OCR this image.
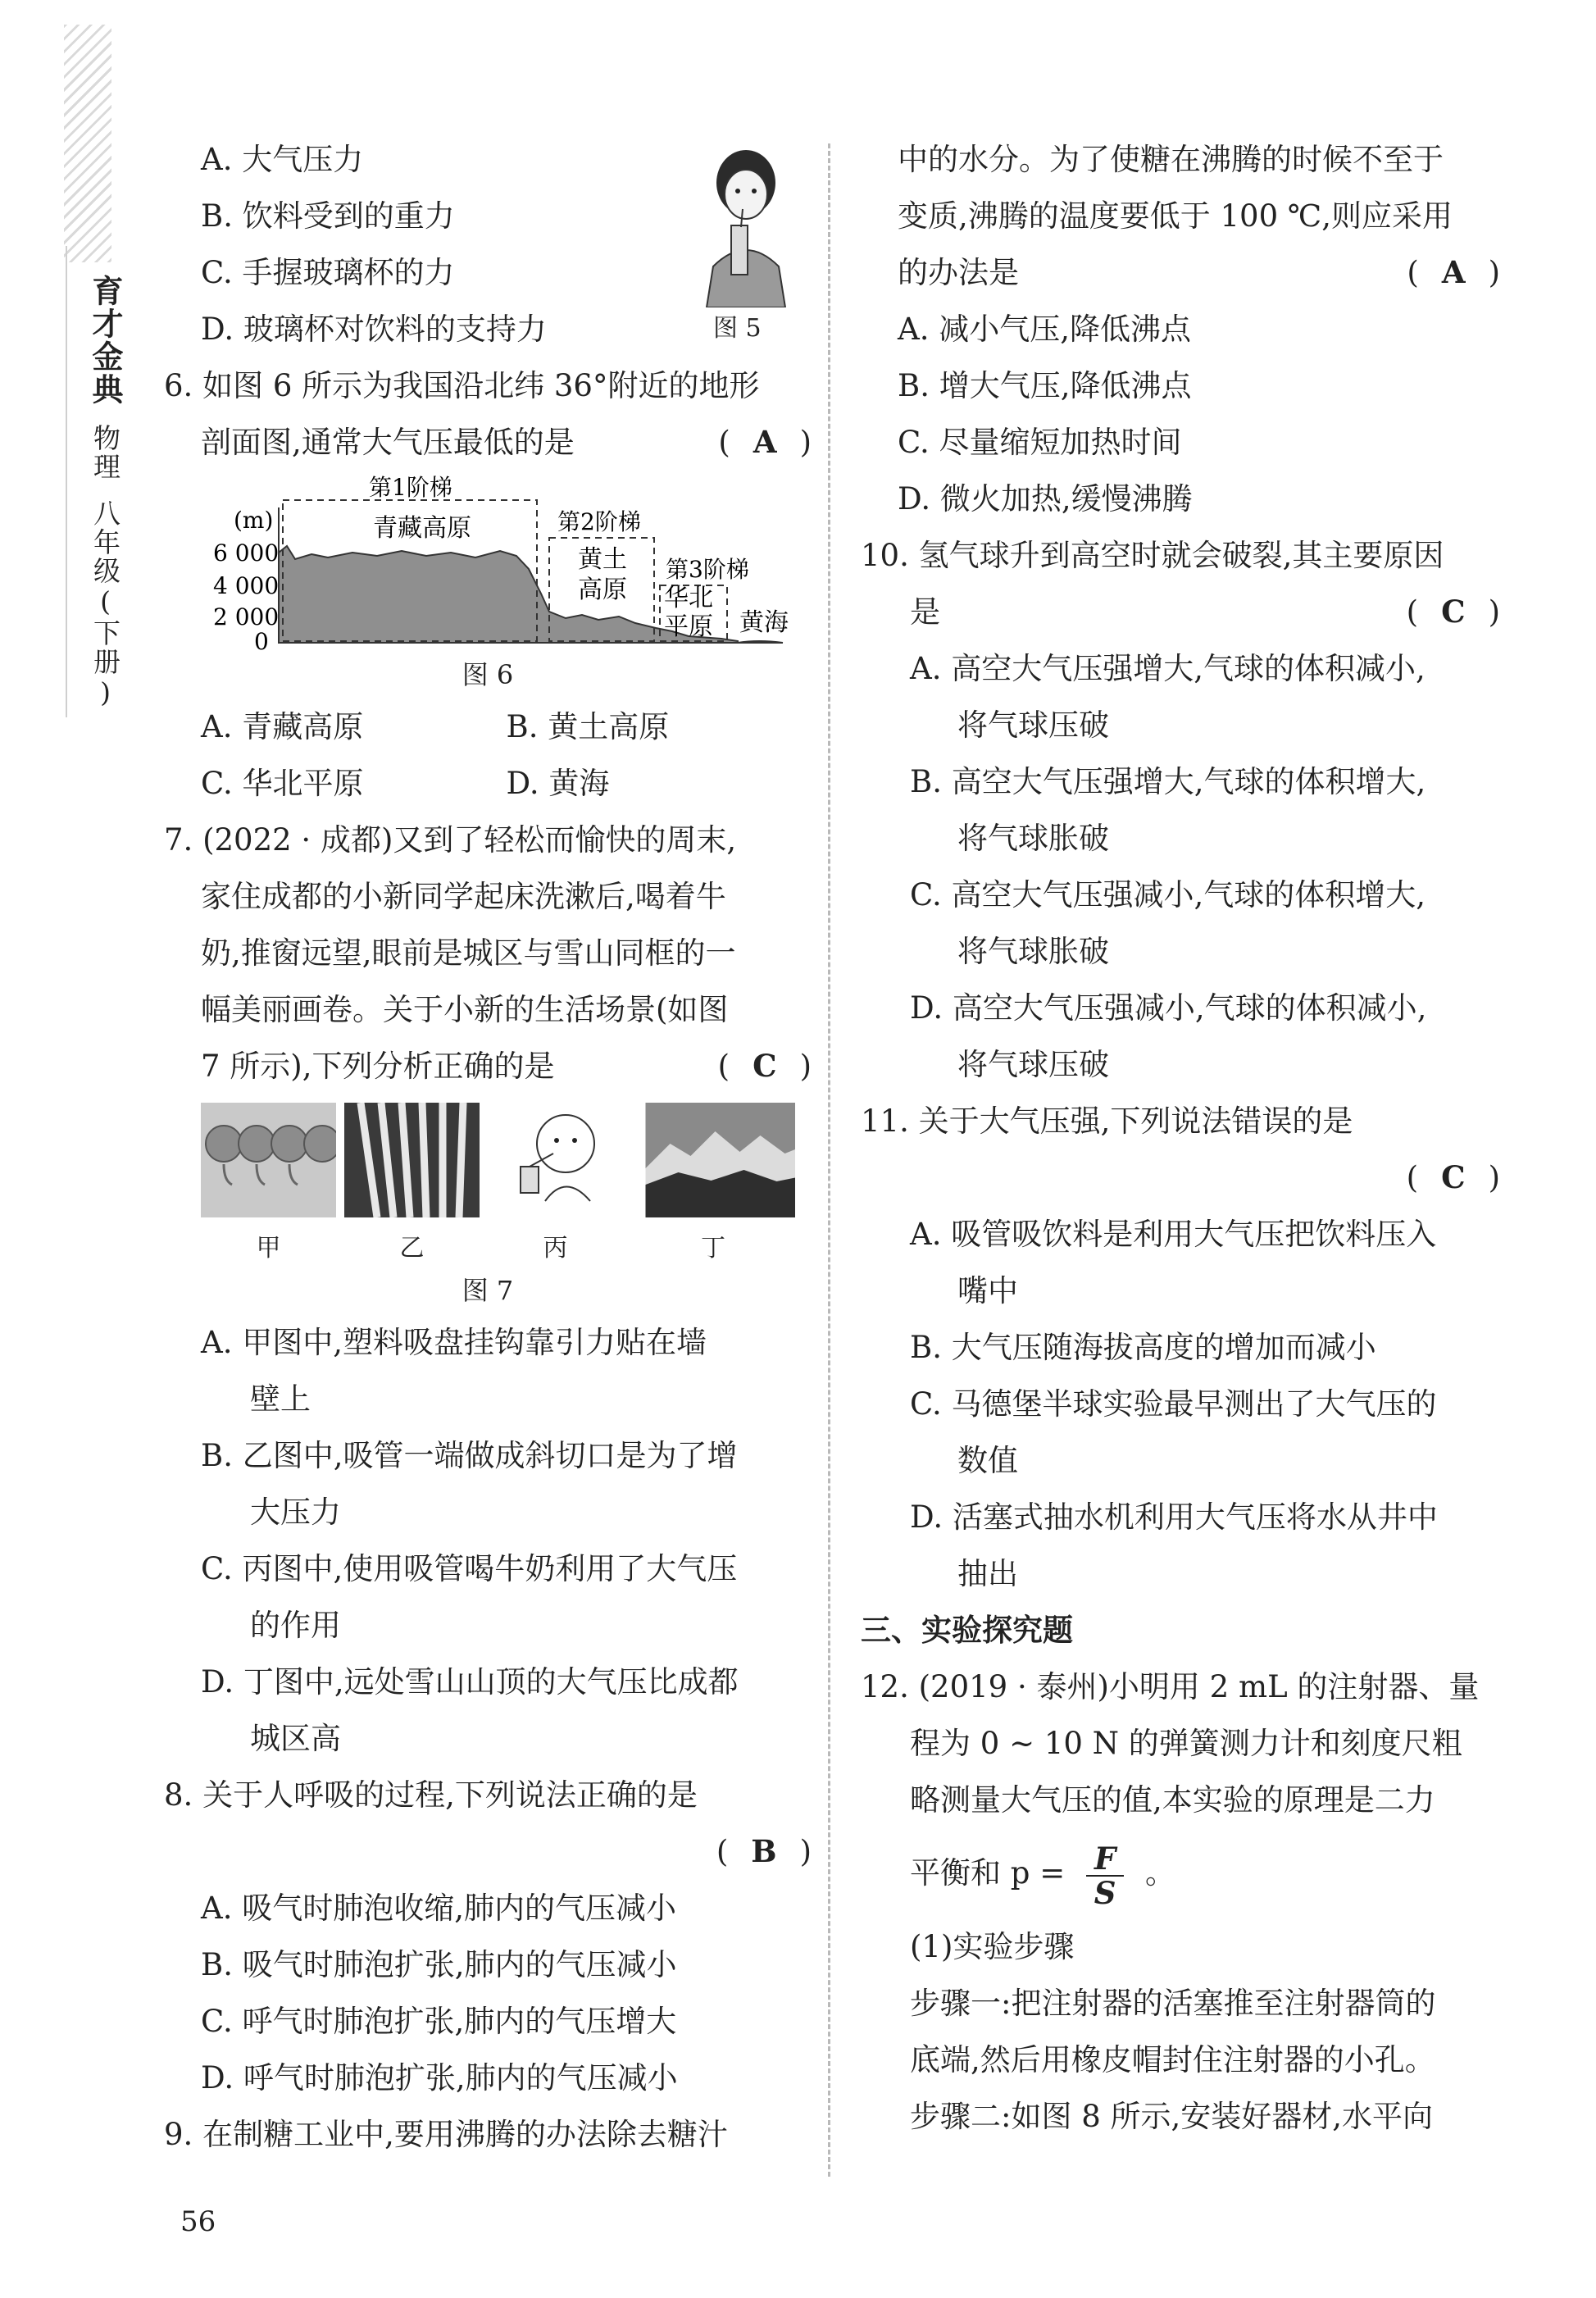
育才金典物理八年级(下册)
图 5
A. 大气压力
B. 饮料受到的重力
C. 手握玻璃杯的力
D. 玻璃杯对饮料的支持力
6. 如图 6 所示为我国沿北纬 36°附近的地形
剖面图,通常大气压最低的是	( A )
(m)
6 000
4 000
2 000
0
第1阶梯
青藏高原	第2阶梯
黄土
高原
第3阶梯
华北
平原 黄海
图 6
A. 青藏高原	B. 黄土高原
C. 华北平原	D. 黄海
7. (2022 · 成都)又到了轻松而愉快的周末,
家住成都的小新同学起床洗漱后,喝着牛
奶,推窗远望,眼前是城区与雪山同框的一
幅美丽画卷。关于小新的生活场景(如图
7 所示),下列分析正确的是	( C )
甲	乙	丙	丁
图 7
A. 甲图中,塑料吸盘挂钩靠引力贴在墙
壁上
B. 乙图中,吸管一端做成斜切口是为了增
大压力
C. 丙图中,使用吸管喝牛奶利用了大气压
的作用
D. 丁图中,远处雪山山顶的大气压比成都
城区高
8. 关于人呼吸的过程,下列说法正确的是
( B )
A. 吸气时肺泡收缩,肺内的气压减小
B. 吸气时肺泡扩张,肺内的气压减小
C. 呼气时肺泡扩张,肺内的气压增大
D. 呼气时肺泡扩张,肺内的气压减小
9. 在制糖工业中,要用沸腾的办法除去糖汁
中的水分。为了使糖在沸腾的时候不至于
变质,沸腾的温度要低于 100 ℃,则应采用
的办法是	( A )
A. 减小气压,降低沸点
B. 增大气压,降低沸点
C. 尽量缩短加热时间
D. 微火加热,缓慢沸腾
10. 氢气球升到高空时就会破裂,其主要原因
是	( C )
A. 高空大气压强增大,气球的体积减小,
将气球压破
B. 高空大气压强增大,气球的体积增大,
将气球胀破
C. 高空大气压强减小,气球的体积增大,
将气球胀破
D. 高空大气压强减小,气球的体积减小,
将气球压破
11. 关于大气压强,下列说法错误的是
( C )
A. 吸管吸饮料是利用大气压把饮料压入
嘴中
B. 大气压随海拔高度的增加而减小
C. 马德堡半球实验最早测出了大气压的
数值
D. 活塞式抽水机利用大气压将水从井中
抽出
三、实验探究题
12. (2019 · 泰州)小明用 2 mL 的注射器、量
程为 0 ~ 10 N 的弹簧测力计和刻度尺粗
略测量大气压的值,本实验的原理是二力
平衡和 $p = \frac{F}{S}$ 。
(1)实验步骤
步骤一:把注射器的活塞推至注射器筒的
底端,然后用橡皮帽封住注射器的小孔。
步骤二:如图 8 所示,安装好器材,水平向
56
